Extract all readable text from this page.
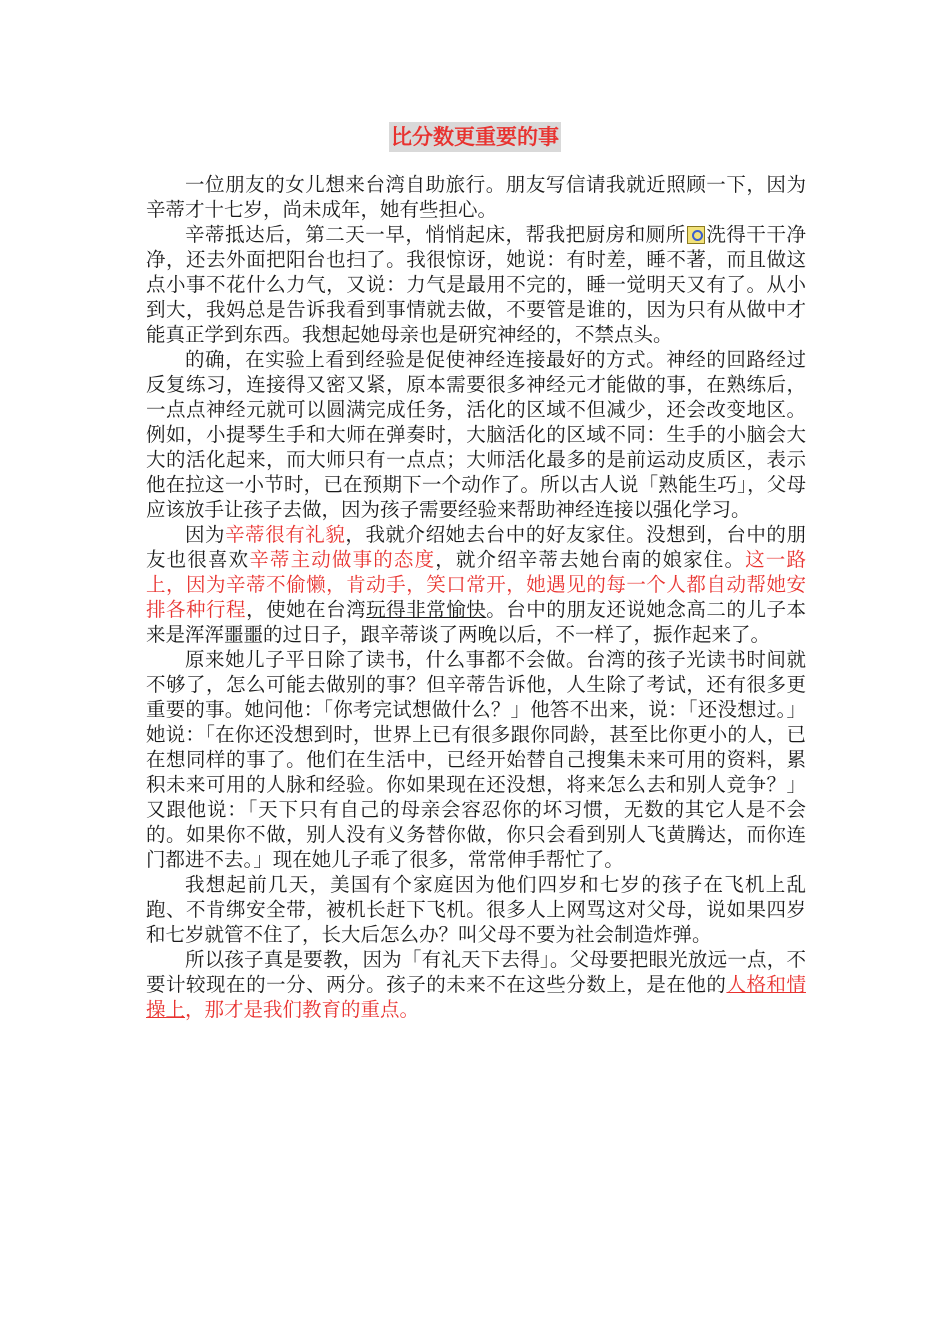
比分数更重要的事

一位朋友的女儿想来台湾自助旅行。朋友写信请我就近照顾一下，因为辛蒂才十七岁，尚未成年，她有些担心。

辛蒂抵达后，第二天一早，悄悄起床，帮我把厨房和厕所 洗得干干净净，还去外面把阳台也扫了。我很惊讶，她说：有时差，睡不著，而且做这点小事不花什么力气，又说：力气是最用不完的，睡一觉明天又有了。从小到大，我妈总是告诉我看到事情就去做，不要管是谁的，因为只有从做中才能真正学到东西。我想起她母亲也是研究神经的，不禁点头。

的确，在实验上看到经验是促使神经连接最好的方式。神经的回路经过反复练习，连接得又密又紧，原本需要很多神经元才能做的事，在熟练后，一点点神经元就可以圆满完成任务，活化的区域不但减少，还会改变地区。例如，小提琴生手和大师在弹奏时，大脑活化的区域不同：生手的小脑会大大的活化起来，而大师只有一点点；大师活化最多的是前运动皮质区，表示他在拉这一小节时，已在预期下一个动作了。所以古人说「熟能生巧」，父母应该放手让孩子去做，因为孩子需要经验来帮助神经连接以强化学习。

因为辛蒂很有礼貌，我就介绍她去台中的好友家住。没想到，台中的朋友也很喜欢辛蒂主动做事的态度，就介绍辛蒂去她台南的娘家住。这一路上，因为辛蒂不偷懒，肯动手，笑口常开，她遇见的每一个人都自动帮她安排各种行程，使她在台湾玩得非常愉快。台中的朋友还说她念高二的儿子本来是浑浑噩噩的过日子，跟辛蒂谈了两晚以后，不一样了，振作起来了。

原来她儿子平日除了读书，什么事都不会做。台湾的孩子光读书时间就不够了，怎么可能去做别的事？但辛蒂告诉他，人生除了考试，还有很多更重要的事。她问他：「你考完试想做什么？」他答不出来，说：「还没想过。」她说：「在你还没想到时，世界上已有很多跟你同龄，甚至比你更小的人，已在想同样的事了。他们在生活中，已经开始替自己搜集未来可用的资料，累积未来可用的人脉和经验。你如果现在还没想，将来怎么去和别人竞争？」又跟他说：「天下只有自己的母亲会容忍你的坏习惯，无数的其它人是不会的。如果你不做，别人没有义务替你做，你只会看到别人飞黄腾达，而你连门都进不去。」现在她儿子乖了很多，常常伸手帮忙了。

我想起前几天，美国有个家庭因为他们四岁和七岁的孩子在飞机上乱跑、不肯绑安全带，被机长赶下飞机。很多人上网骂这对父母，说如果四岁和七岁就管不住了，长大后怎么办？叫父母不要为社会制造炸弹。

所以孩子真是要教，因为「有礼天下去得」。父母要把眼光放远一点，不要计较现在的一分、两分。孩子的未来不在这些分数上，是在他的人格和情操上，那才是我们教育的重点。
